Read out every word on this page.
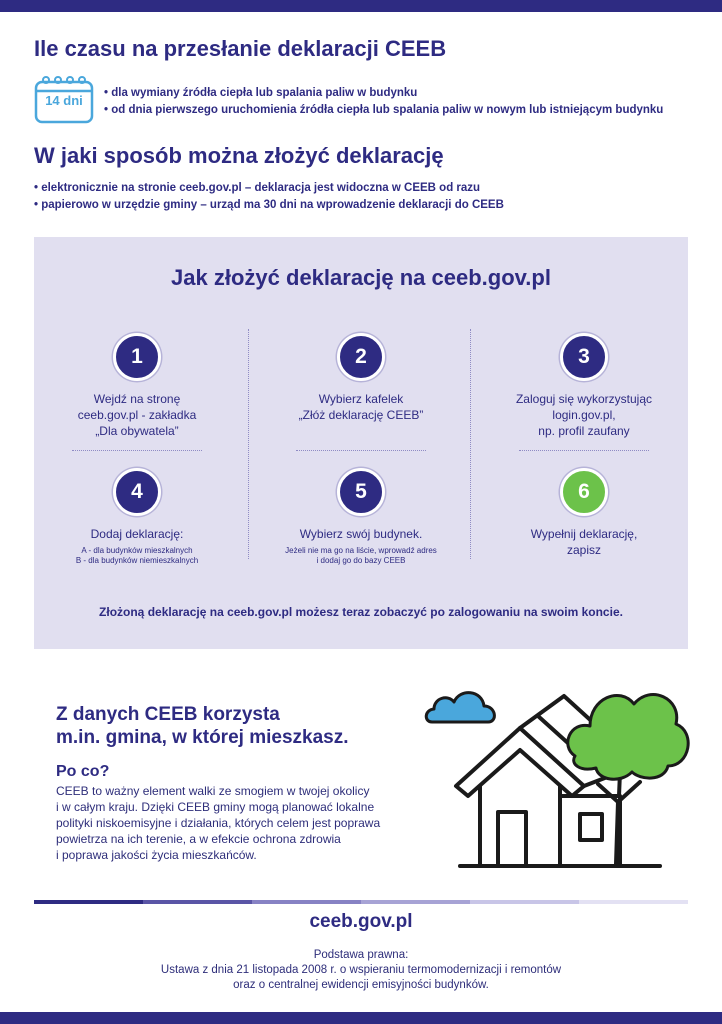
Ile czasu na przesłanie deklaracji CEEB
14 dni	• dla wymiany źródła ciepła lub spalania paliw w budynku
• od dnia pierwszego uruchomienia źródła ciepła lub spalania paliw w nowym lub istniejącym budynku
W jaki sposób można złożyć deklarację
• elektronicznie na stronie ceeb.gov.pl – deklaracja jest widoczna w CEEB od razu
• papierowo w urzędzie gminy – urząd ma 30 dni na wprowadzenie deklaracji do CEEB
Jak złożyć deklarację na ceeb.gov.pl
1
Wejdź na stronę
ceeb.gov.pl - zakładka
„Dla obywatela”
2
Wybierz kafelek
„Złóż deklarację CEEB”
3
Zaloguj się wykorzystując
login.gov.pl,
np. profil zaufany
4
Dodaj deklarację:
A - dla budynków mieszkalnych
B - dla budynków niemieszkalnych
5
Wybierz swój budynek.
Jeżeli nie ma go na liście, wprowadź adres
i dodaj go do bazy CEEB
6
Wypełnij deklarację,
zapisz
Złożoną deklarację na ceeb.gov.pl możesz teraz zobaczyć po zalogowaniu na swoim koncie.
Z danych CEEB korzysta
m.in. gmina, w której mieszkasz.
Po co?
CEEB to ważny element walki ze smogiem w twojej okolicy
i w całym kraju. Dzięki CEEB gminy mogą planować lokalne
polityki niskoemisyjne i działania, których celem jest poprawa
powietrza na ich terenie, a w efekcie ochrona zdrowia
i poprawa jakości życia mieszkańców.
ceeb.gov.pl
Podstawa prawna:
Ustawa z dnia 21 listopada 2008 r. o wspieraniu termomodernizacji i remontów
oraz o centralnej ewidencji emisyjności budynków.
